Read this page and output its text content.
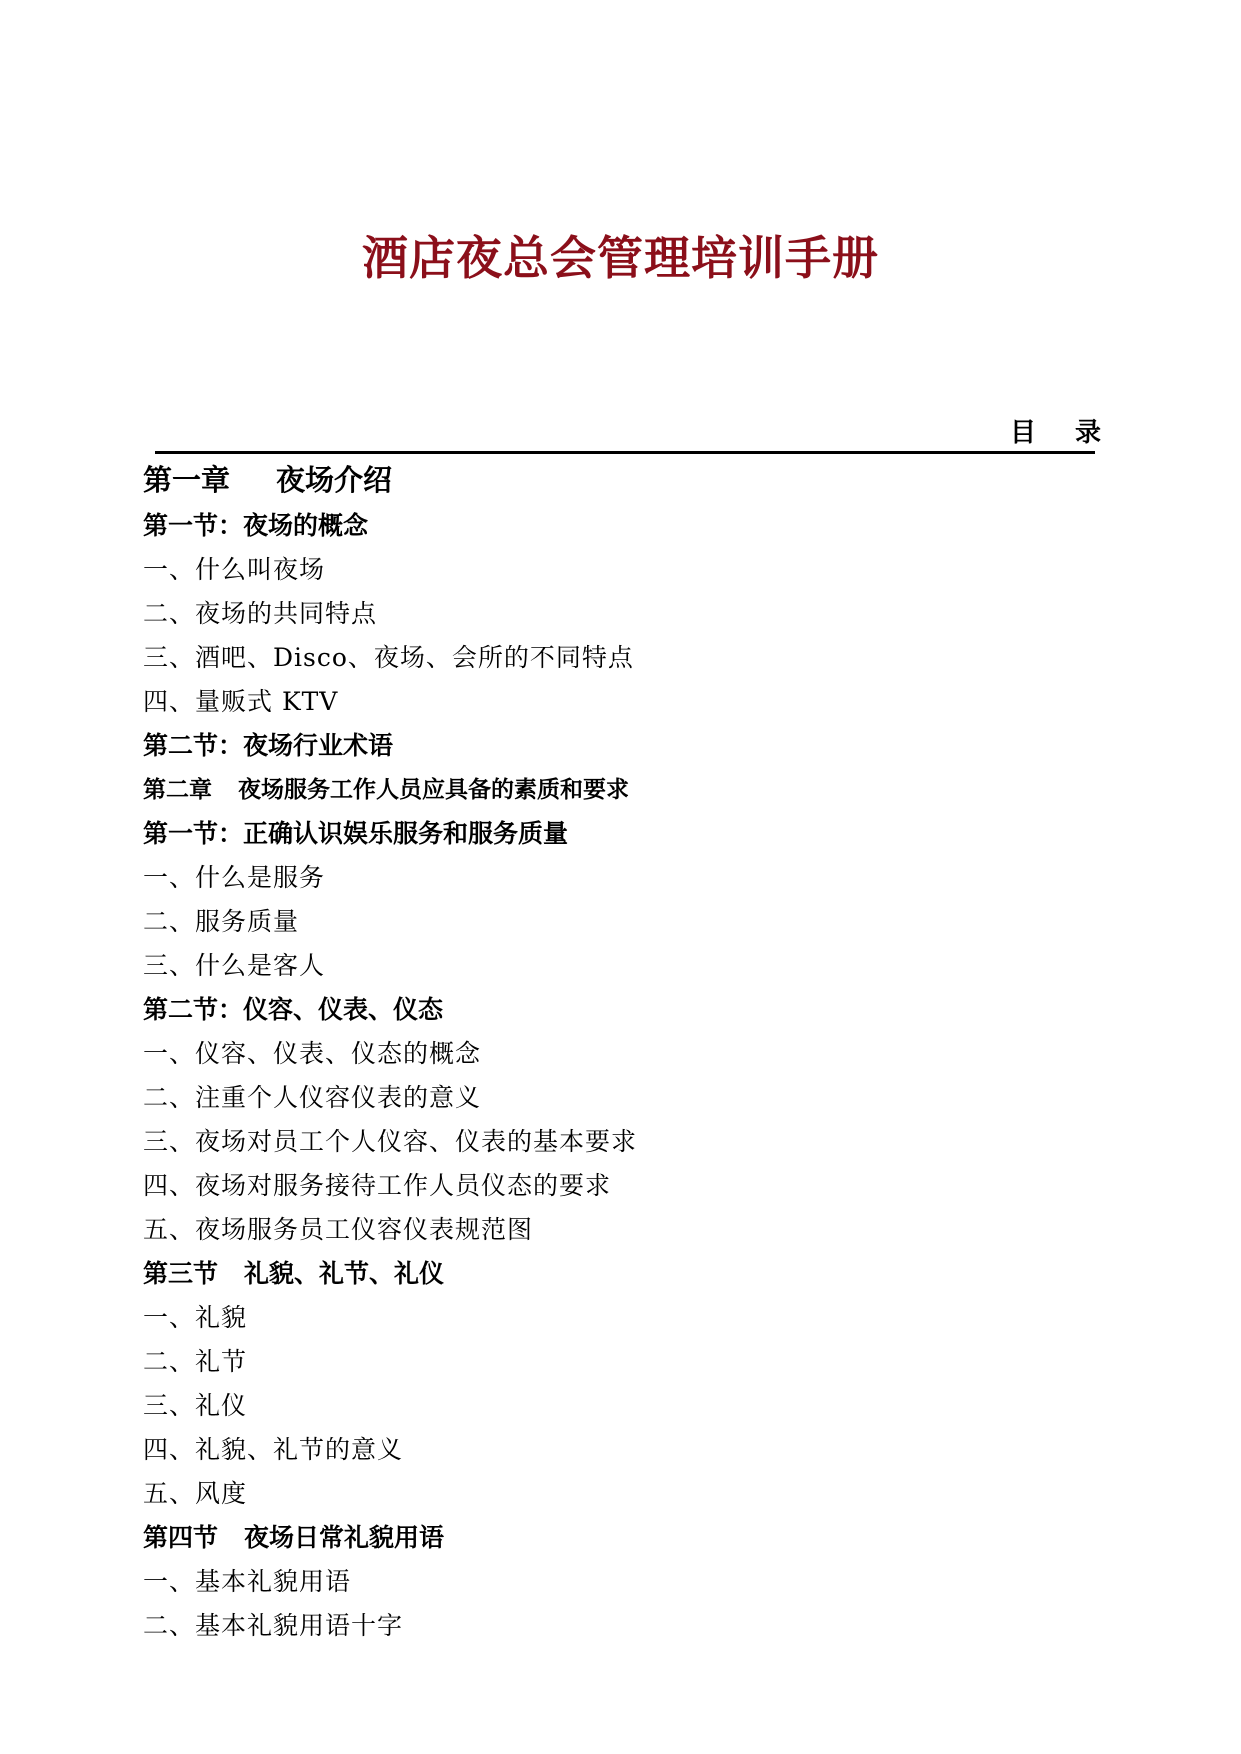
酒店夜总会管理培训手册
目 录
第一章 夜场介绍
第一节：夜场的概念
一、什么叫夜场
二、夜场的共同特点
三、酒吧、Disco、夜场、会所的不同特点
四、量贩式 KTV
第二节：夜场行业术语
第二章 夜场服务工作人员应具备的素质和要求
第一节：正确认识娱乐服务和服务质量
一、什么是服务
二、服务质量
三、什么是客人
第二节：仪容、仪表、仪态
一、仪容、仪表、仪态的概念
二、注重个人仪容仪表的意义
三、夜场对员工个人仪容、仪表的基本要求
四、夜场对服务接待工作人员仪态的要求
五、夜场服务员工仪容仪表规范图
第三节 礼貌、礼节、礼仪
一、礼貌
二、礼节
三、礼仪
四、礼貌、礼节的意义
五、风度
第四节 夜场日常礼貌用语
一、基本礼貌用语
二、基本礼貌用语十字
